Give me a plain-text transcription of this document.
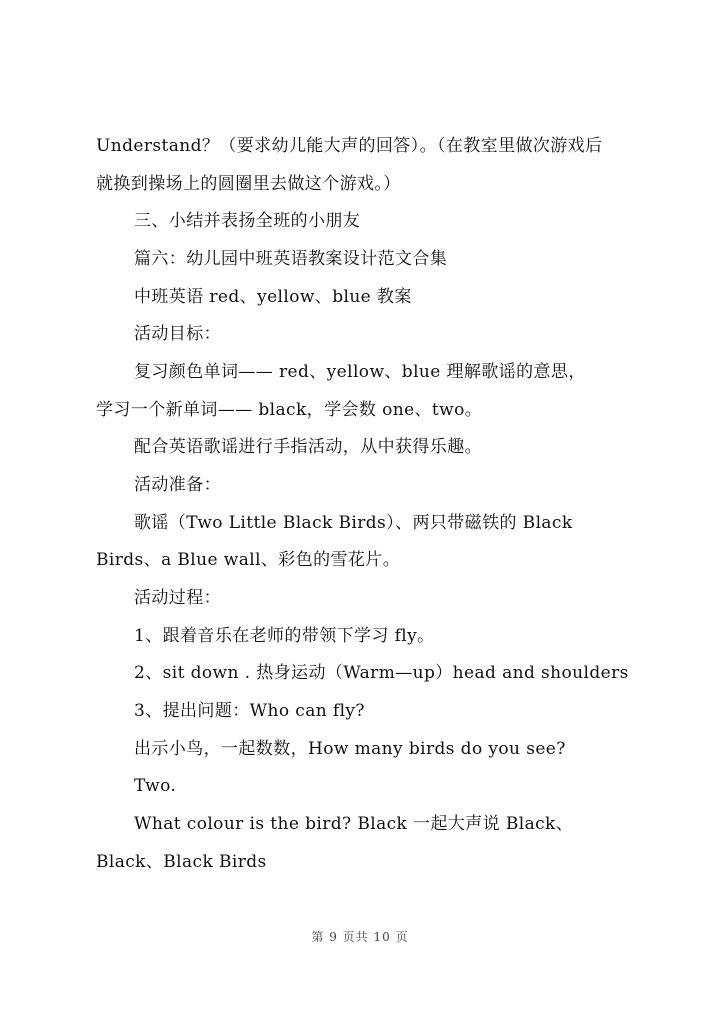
Understand？（要求幼儿能大声的回答）。（在教室里做次游戏后
就换到操场上的圆圈里去做这个游戏。）
三、小结并表扬全班的小朋友
篇六：幼儿园中班英语教案设计范文合集
中班英语 red、yellow、blue 教案
活动目标：
复习颜色单词—— red、yellow、blue 理解歌谣的意思，
学习一个新单词—— black，学会数 one、two。
配合英语歌谣进行手指活动，从中获得乐趣。
活动准备：
歌谣（Two Little Black Birds）、两只带磁铁的 Black
Birds、a Blue wall、彩色的雪花片。
活动过程：
1、跟着音乐在老师的带领下学习 fly。
2、sit down . 热身运动（Warm—up）head and shoulders
3、提出问题：Who can fly?
出示小鸟，一起数数，How many birds do you see?
Two.
What colour is the bird? Black 一起大声说 Black、
Black、Black Birds
第 9 页共 10 页
